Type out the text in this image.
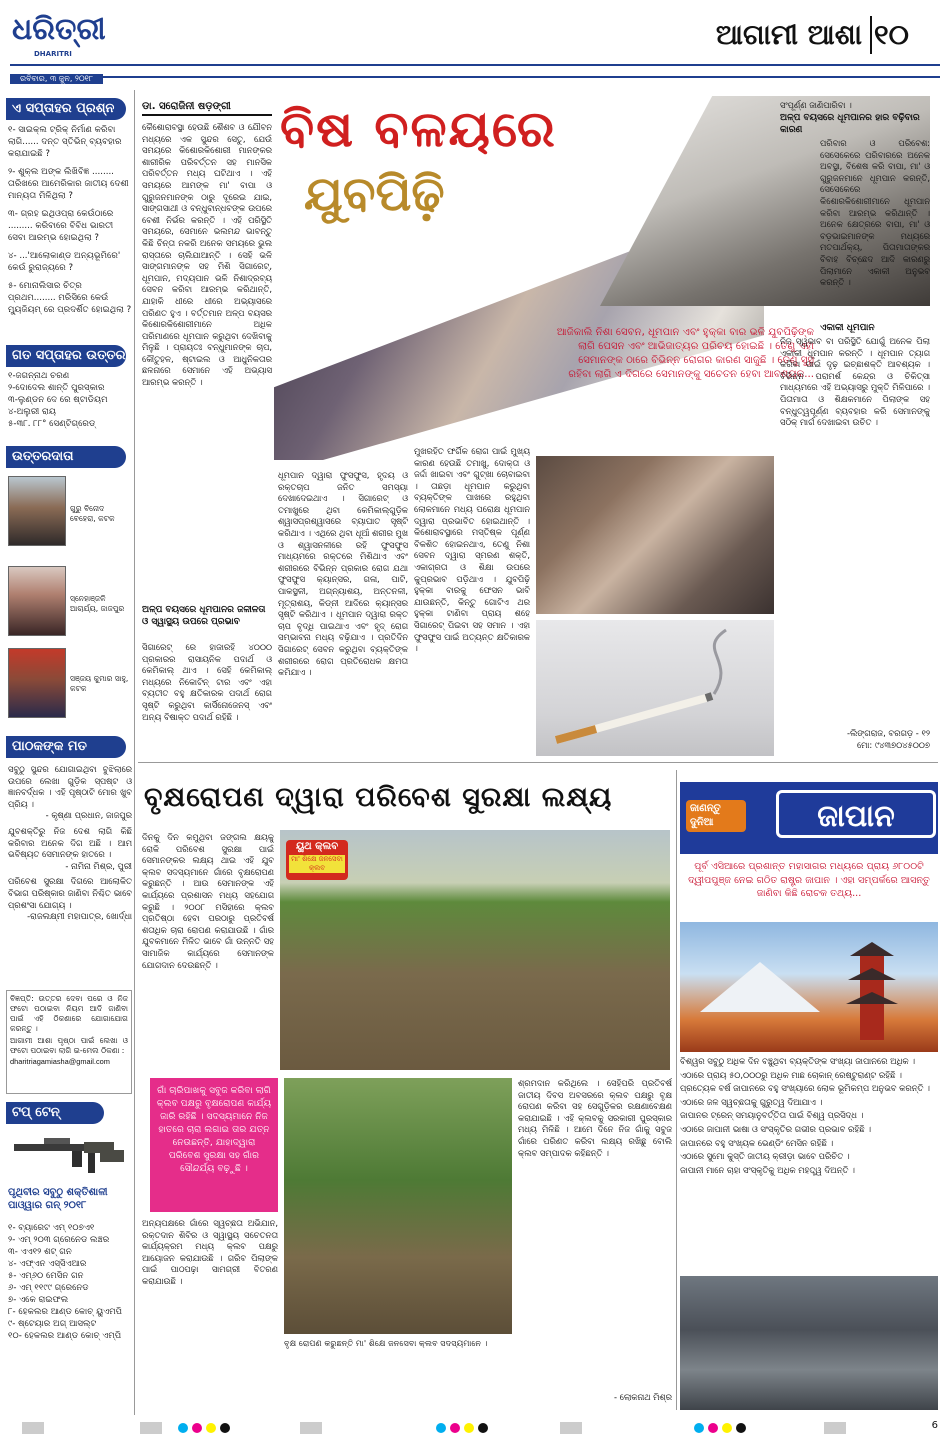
ଧରିତ୍ରୀ
DHARITRI
ରବିବାର, ୩ ଜୁନ, ୨୦୧୮
ଆଗାମୀ ଆଶା ୧୦
ଏ ସପ୍ତାହର ପ୍ରଶ୍ନ
୧- ସାଇକ୍ଲ ଟ୍ରିକ୍ ନିର୍ମାଣ କରିବା ଲାଗି...... ଦନ୍ତ ସ୍ତିଭିନ୍ ବ୍ୟବହାର କରାଯାଇଛି ?
୨- ଶୁକ୍ଲ ଅଙ୍କ ଲିଖିବିଜ୍ଞ ........ ତାରିଖରେ ଆମେରିକାର ଜାତୀୟ ଦେଶୀ ମାନ୍ୟତା ମିଳିଥିଲା ?
୩- ଗ୍ରହ ଇଥିଓପ୍ରା କେଉଁଠାରେ ......... କରିବାରେ ବିବିଧ ଭାରତୀ ସେବା ଆରମ୍ଭ ହୋଇଥିଲା ?
୪- ...'ଆଲୋକାଣ୍ଡ ଅନ୍ୟଭୂମିରେ' କେଉଁ ରୁରାଜ୍ୟରେ ?
୫- ମୋନାଲିସାର ଚିତ୍ର ପ୍ରଥମ........ ମରିସିରେ କେଉଁ ମ୍ୟୁଜିୟମ୍ ରେ ପ୍ରଦର୍ଶିତ ହୋଇଥିଲା ?
ଗତ ସପ୍ତାହର ଉତ୍ତର
୧-ଜଗନ୍ନାଥ ଚରଣ
୨-ଦୋଦେଲ ଶାନ୍ତି ପୁରସ୍କାର
୩-ଲୁଣ୍ଡନ ଦେ ରେ ଷ୍ଟାଡିୟମ
୪-ଅଲୁରୀ ରାୟ
୫-୩୮. ୮୮° ସେଣ୍ଟିଗ୍ରେଡ୍
ଉତ୍ତରଦାତା
ଗୁରୁ ବିନୋଦ ବେହେରା, କଟକ
ସ୍ନେହାଞ୍ଜଳି ଆଚାର୍ଯ୍ୟ, ଜାଜପୁର
ସଞ୍ଜୟ କୁମାର ସାହୁ, କଟକ
ପାଠକଙ୍କ ମତ
ସବୁଠୁ ସୁନ୍ଦର ଯୋଗାଇଥିବା ବୁଝିଲାରେ ଉପରେ ଲେଖା ଗୁଡ଼ିକ ସ୍ପଷ୍ଟ ଓ ଜ୍ଞାନବର୍ଦ୍ଧକ । ଏହି ପୃଷ୍ଠାଟି ମୋର ଖୁବ ପ୍ରିୟ ।
- କୃଷ୍ଣା ପ୍ରଧାନ, ଜାଜପୁର
ଯୁବଶକ୍ତିରୁ ନିଜ ଦେଶ ଲାଗି କିଛି କରିବାର ଅନେକ ଦିଗ ଅଛି । ଆମ ଭବିଷ୍ୟତ ସେମାନଙ୍କ ହାତରେ ।
- ନାମିନା ମିଶ୍ର, ପୁରୀ
ପରିବେଶ ସୁରକ୍ଷା ଦିଗରେ ଆଲୋକିତ ବିଭାଗ ପରିଷ୍କାର ଜାଣିବା ନିଶ୍ଚିତ ଭାବେ ପ୍ରଶଂସା ଯୋଗ୍ୟ ।
-ରାଜଲକ୍ଷ୍ମୀ ମହାପାତ୍ର, ଖୋର୍ଦ୍ଧା
ବିଜ୍ଞପ୍ତି: ଉତ୍ତର ଦେବା ପରେ ଓ ନିଜ ଫଟୋ ପଠାଇବା ନିୟମ ଆଦି ଜାଣିବା ପାଇଁ ଏହି ଠିକଣାରେ ଯୋଗାଯୋଗ କରନ୍ତୁ ।
ଆଗାମୀ ଆଶା ପୃଷ୍ଠା ପାଇଁ ଲେଖା ଓ ଫଟୋ ପଠାଇବା ଲାଗି ଇ-ମେଲ ଠିକଣା :
dharitriagamiasha@gmail.com
ଟପ୍ ଟେନ୍
ପୃଥିବୀର ସବୁଠୁ ଶକ୍ତିଶାଳୀ ପାଓ୍ୱାର ଗନ୍ ୨୦୧୮
୧- ବ୍ୟାରେଟ ଏମ୍ ୧୦୭ଏ୧
୨- ଏମ୍ ୨୦୩ ଗ୍ରେନେଡ ଲଞ୍ଚର
୩- ଏଏ୧୨ ଶଟ୍ ଗନ
୪- ଏଫ୍ଏନ ଏସ୍ସିଏଆର
୫- ଏମ୍୬୦ ମେସିନ ଗନ
୬- ଏମ୍ ୧୧୯୯ ଗ୍ରେନେଡ
୭- ଏକେ ରାଇଫଲ
୮- ହେକଲର ଆଣ୍ଡ କୋଚ୍ ୟୁଏମପି
୯- ଷ୍ଟେୟାର ଅଗ୍ ଆସଲ୍ଟ
୧୦- ହେକଲର ଆଣ୍ଡ କୋଚ୍ ଏମ୍ପି
ଡା. ସରୋଜିନୀ ଷଡ଼ଙ୍ଗୀ ବିଷ ବଳୟରେ
ଯୁବପିଢ଼ି
ଆଜିକାଲି ନିଶା ସେବନ, ଧୂମପାନ ଏବଂ ହୁକ୍କା ବାର ଭଳି ଯୁବପିଢ଼ିଙ୍କ ଲାଗି ପେସନ ଏବଂ ଆଭିଜାତ୍ୟର ପରିଚୟ ହୋଇଛି । ତେଣୁ ଏହା ସେମାନଙ୍କ ଠାରେ ବିଭିନ୍ନ ରୋଗର କାରଣ ସାଜୁଛି । ତେଣୁ ସୁସ୍ଥ ରହିବା ଲାଗି ଏ ଦିଗରେ ସେମାନଙ୍କୁ ସଚେତନ ହେବା ଆବଶ୍ୟକ...
କୈଶୋରାବସ୍ଥା ହେଉଛି ଶୈଶବ ଓ ଯୌବନ ମଧ୍ୟରେ ଏକ ସୁନ୍ଦର ସେତୁ, ଯେଉଁ ସମୟରେ କିଶୋରକିଶୋରୀ ମାନଙ୍କର ଶାରୀରିକ ପରିବର୍ତ୍ତନ ସହ ମାନସିକ ପରିବର୍ତ୍ତନ ମଧ୍ୟ ଘଟିଥାଏ । ଏହି ସମୟରେ ଆମଙ୍କ ମା' ବାପା ଓ ଗୁରୁଜନମାନଙ୍କ ଠାରୁ ଦୂରେଇ ଯାଇ, ସାଙ୍ଗସାଥୀ ଓ ବନ୍ଧୁବାନ୍ଧବଙ୍କ ଉପରେ ବେଶୀ ନିର୍ଭର କରନ୍ତି । ଏହି ପରିସ୍ଥିତି ସମୟରେ, ସେମାନେ ଭଲମନ୍ଦ ଭାବନ୍ତୁ କିଛି ଚିନ୍ତା ନକରି ଅନେକ ସମୟରେ ଭୁଲ ରାସ୍ତାରେ ଚାଲିଯାଆନ୍ତି । ସେହି ଭଳି ସାଙ୍ଗମାନଙ୍କ ସହ ମିଶି ସିଗାରେଟ୍, ଧୂମପାନ, ମଦ୍ୟପାନ ଭଳି ନିଶାଦ୍ରବ୍ୟ ସେବନ କରିବା ଆରମ୍ଭ କରିଥାନ୍ତି, ଯାହାକି ଧୀରେ ଧୀରେ ଅଭ୍ୟାସରେ ପରିଣତ ହୁଏ । ବର୍ତ୍ତମାନ ଅଳ୍ପ ବୟସର କିଶୋରକିଶୋରୀମାନେ ଅଧିକ ପରିମାଣରେ ଧୂମପାନ କରୁଥିବା ଦେଖିବାକୁ ମିଳୁଛି । ପ୍ରାୟତଃ ବନ୍ଧୁମାନଙ୍କ ଚାପ, କୌତୁହଳ, ଷ୍ଟାଇଲ ଓ ଆଧୁନିକତାର ଛଳନାରେ ସେମାନେ ଏହି ଅଭ୍ୟାସ ଆରମ୍ଭ କରନ୍ତି ।
ଅଳ୍ପ ବୟସରେ ଧୂମପାନର ଜଳୀଳତା ଓ ସ୍ୱାସ୍ଥ୍ୟ ଉପରେ ପ୍ରଭାବ
ସିଗାରେଟ୍ ରେ ହାଜାରହି ୪୦୦୦ ପ୍ରକାରର ରାସାୟନିକ ପଦାର୍ଥ ଓ କେମିକାଲ୍ ଥାଏ । ସେହି କେମିକାଲ୍ ମଧ୍ୟରେ ନିକୋଟିନ୍ ଟାର ଏବଂ ଏହା ବ୍ୟତୀତ ବହୁ କ୍ଷତିକାରକ ପଦାର୍ଥ ରୋଗ ସୃଷ୍ଟି କରୁଥିବା କାର୍ସିନୋଜେନସ୍ ଏବଂ ଅନ୍ୟ ବିଷାକ୍ତ ପଦାର୍ଥ ରହିଛି ।
ଧୂମପାନ ଦ୍ୱାରା ଫୁସଫୁସ, ହୃଦୟ ଓ ରକ୍ତଚାପ ଜନିତ ସମସ୍ୟା ଦେଖାଦେଇଥାଏ । ସିଗାରେଟ୍ ଓ ତମାଖୁରେ ଥିବା କେମିକାଲ୍ଗୁଡ଼ିକ ଶ୍ୱାସପ୍ରଶ୍ୱାସରେ ବ୍ୟାଘାତ ସୃଷ୍ଟି କରିଥାଏ । ଏଥିରେ ଥିବା ଧୂଆଁ ଶରୀର ମୁଖ ଓ ଶ୍ୱାସନଳୀରେ ରହି ଫୁସଫୁସ ମାଧ୍ୟମରେ ରକ୍ତରେ ମିଶିଥାଏ ଏବଂ ଶରୀରରେ ବିଭିନ୍ନ ପ୍ରକାର ରୋଗ ଯଥା ଫୁସଫୁସ କ୍ୟାନ୍ସର, ଗଳା, ପାଟି, ପାକସ୍ଥଳୀ, ଅଗ୍ନ୍ୟାଶୟ, ଅନ୍ତନଳୀ, ମୂତ୍ରାଶୟ, କିଡ୍ନୀ ଆଦିରେ କ୍ୟାନ୍ସର ସୃଷ୍ଟି କରିଥାଏ । ଧୂମପାନ ଦ୍ୱାରା ରକ୍ତ ଚାପ ବୃଦ୍ଧି ପାଇଥାଏ ଏବଂ ହୃଦ୍ ରୋଗ ସମ୍ଭାବନା ମଧ୍ୟ ବଢ଼ିଯାଏ । ପ୍ରତିଦିନ ସିଗାରେଟ୍ ସେବନ କରୁଥିବା ବ୍ୟକ୍ତିଙ୍କ ଶରୀରରେ ରୋଗ ପ୍ରତିରୋଧକ କ୍ଷମତା କମିଯାଏ ।
ମୁଖରହିତ ଫର୍ଗିକ ରୋଗ ପାଇଁ ମୁଖ୍ୟ କାରଣ ହେଉଛି ତମାଖୁ, ଦୋକ୍ତା ଓ ଜର୍ଦ୍ଦା ଖାଇବା ଏବଂ ଗୁଟ୍ଖା ଚୋବାଇବା । ତାଛଡ଼ା ଧୂମପାନ କରୁଥିବା ବ୍ୟକ୍ତିଙ୍କ ପାଖରେ ରହୁଥିବା ଲୋକମାନେ ମଧ୍ୟ ପରୋକ୍ଷ ଧୂମପାନ ଦ୍ୱାରା ପ୍ରଭାବିତ ହୋଇଥାନ୍ତି । କିଶୋରାବସ୍ଥାରେ ମସ୍ତିଷ୍କ ପୂର୍ଣ୍ଣ ବିକଶିତ ହୋଇନଥାଏ, ତେଣୁ ନିଶା ସେବନ ଦ୍ୱାରା ସ୍ମରଣ ଶକ୍ତି, ଏକାଗ୍ରତା ଓ ଶିକ୍ଷା ଉପରେ କୁପ୍ରଭାବ ପଡ଼ିଥାଏ । ଯୁବପିଢ଼ି ହୁକ୍କା ବାରକୁ ଫେସନ ଭାବି ଯାଉଛନ୍ତି, କିନ୍ତୁ ଗୋଟିଏ ଥର ହୁକ୍କା ଟାଣିବା ପ୍ରାୟ ଶହେ ସିଗାରେଟ୍ ପିଇବା ସହ ସମାନ । ଏହା ଫୁସଫୁସ ପାଇଁ ଅତ୍ୟନ୍ତ କ୍ଷତିକାରକ ।
ସଂପୂର୍ଣ୍ଣ ଜାଣିପାରିବା ।
ଅଳ୍ପ ବୟସରେ ଧୂମପାନର ହାର ବଢ଼ିବାର କାରଣ
ପରିବାର ଓ ପରିବେଶ: ସେସେକେରେ ପରିବାରରେ ଅନେକ ଅବସ୍ଥା, ବିଶେଷ କରି ବାପା, ମା' ଓ ଗୁରୁଜନମାନେ ଧୂମପାନ କରନ୍ତି, ସେସେକେରେ କିଶୋରକିଶୋରୀମାନେ ଧୂମପାନ କରିବା ଆରମ୍ଭ କରିଥାନ୍ତି । ଅନେକ କ୍ଷେତ୍ରରେ ବାପା, ମା' ଓ ବଡ଼ଭାଇମାନଙ୍କ ମଧ୍ୟରେ ମତପାର୍ଥକ୍ୟ, ପିତାମାତାଙ୍କର ବିବାହ ବିଚ୍ଛେଦ ଆଦି କାରଣରୁ ପିଲାମାନେ ଏକାକୀ ଅନୁଭବ କରନ୍ତି ।
ଏକାକୀ ଧୂମପାନ
ନିଜ ସ୍ୱଭାବ ବା ପରିସ୍ଥିତି ଯୋଗୁଁ ଅନେକ ପିଲା ଏକାକୀ ଧୂମପାନ କରନ୍ତି । ଧୂମପାନ ତ୍ୟାଗ କରିବା ପାଇଁ ଦୃଢ଼ ଇଚ୍ଛାଶକ୍ତି ଆବଶ୍ୟକ । ବିଭିନ୍ନ ପରାମର୍ଶ କେନ୍ଦ୍ର ଓ ଚିକିତ୍ସା ମାଧ୍ୟମରେ ଏହି ଅଭ୍ୟାସରୁ ମୁକ୍ତି ମିଳିପାରେ । ପିତାମାତା ଓ ଶିକ୍ଷକମାନେ ପିଲାଙ୍କ ସହ ବନ୍ଧୁତ୍ୱପୂର୍ଣ୍ଣ ବ୍ୟବହାର କରି ସେମାନଙ୍କୁ ସଠିକ୍ ମାର୍ଗ ଦେଖାଇବା ଉଚିତ ।
-ଲିଙ୍ଗରାଜ, ବରଗଡ଼ - ୧୨
ମୋ: ୯୪୩୭୦୪୫୦୦୭
ବୃକ୍ଷରୋପଣ ଦ୍ୱାରା ପରିବେଶ ସୁରକ୍ଷା ଲକ୍ଷ୍ୟ
ଦିନକୁ ଦିନ କମୁଥିବା ଜଙ୍ଗଲ କ୍ଷୟକୁ ରୋକି ପରିବେଶ ସୁରକ୍ଷା ପାଇଁ ସେମାନଙ୍କର ଲକ୍ଷ୍ୟ ଥାଇ ଏହି ଯୁବ କ୍ଲବ ସଦସ୍ୟମାନେ ଗାଁରେ ବୃକ୍ଷରୋପଣ କରୁଛନ୍ତି । ଆଉ ସେମାନଙ୍କ ଏହି କାର୍ଯ୍ୟରେ ପ୍ରଶାସନ ମଧ୍ୟ ସହଯୋଗ କରୁଛି । ୨୦୦୮ ମସିହାରେ କ୍ଲବ ପ୍ରତିଷ୍ଠା ହେବା ପରଠାରୁ ପ୍ରତିବର୍ଷ ଶତାଧିକ ଚାରା ରୋପଣ କରାଯାଉଛି । ଗାଁର ଯୁବକମାନେ ମିଳିତ ଭାବେ ଗାଁ ଉନ୍ନତି ସହ ସାମାଜିକ କାର୍ଯ୍ୟରେ ସେମାନଙ୍କ ଯୋଗଦାନ ଦେଉଛନ୍ତି ।
ୟୁଥ କ୍ଲବ
ମା' ଶିକ୍ଷେ ଜନସେବା କ୍ଲବ
ଗାଁ ଚାରିପାଖକୁ ସବୁଜ କରିବା ଲାଗି କ୍ଲବ ପକ୍ଷରୁ ବୃକ୍ଷରୋପଣ କାର୍ଯ୍ୟ ଜାରି ରହିଛି । ସଦସ୍ୟମାନେ ନିଜ ହାତରେ ଚାରା ଲଗାଇ ତାର ଯତ୍ନ ନେଉଛନ୍ତି, ଯାହାଦ୍ୱାରା ପରିବେଶ ସୁରକ୍ଷା ସହ ଗାଁର ସୌନ୍ଦର୍ଯ୍ୟ ବଢ଼ୁଛି ।
ବୃକ୍ଷ ରୋପଣ କରୁଛନ୍ତି ମା' ଶିକ୍ଷେ ଜନସେବା କ୍ଲବ ସଦସ୍ୟମାନେ ।
ଅନ୍ୟପକ୍ଷରେ ଗାଁରେ ସ୍ୱଚ୍ଛତା ଅଭିଯାନ, ରକ୍ତଦାନ ଶିବିର ଓ ସ୍ୱାସ୍ଥ୍ୟ ସଚେତନତା କାର୍ଯ୍ୟକ୍ରମ ମଧ୍ୟ କ୍ଲବ ପକ୍ଷରୁ ଆୟୋଜନ କରାଯାଉଛି । ଗରିବ ପିଲାଙ୍କ ପାଇଁ ପାଠପଢ଼ା ସାମଗ୍ରୀ ବିତରଣ କରାଯାଉଛି ।
ଶ୍ରମଦାନ କରିଥିଲେ । ସେହିପରି ପ୍ରତିବର୍ଷ ଜାତୀୟ ଦିବସ ଅବସରରେ କ୍ଲବ ପକ୍ଷରୁ ବୃକ୍ଷ ରୋପଣ କରିବା ସହ ସେଗୁଡ଼ିକର ରକ୍ଷଣାବେକ୍ଷଣ କରାଯାଇଛି । ଏହି କ୍ଲବକୁ ସରକାରୀ ପୁରସ୍କାର ମଧ୍ୟ ମିଳିଛି । ଆମେ ଦିନେ ନିଜ ଗାଁକୁ ସବୁଜ ଗାଁରେ ପରିଣତ କରିବା ଲକ୍ଷ୍ୟ ରଖିଛୁ ବୋଲି କ୍ଲବ ସମ୍ପାଦକ କହିଛନ୍ତି ।
- ଲୋକନାଥ ମିଶ୍ର
ଜାଣନ୍ତୁ ଦୁନିଆ	ଜାପାନ
ପୂର୍ବ ଏସିଆରେ ପ୍ରଶାନ୍ତ ମହାସାଗର ମଧ୍ୟରେ ପ୍ରାୟ ୬୮୦୦ଟି ଦ୍ୱୀପପୁଞ୍ଜ ନେଇ ଗଠିତ ରାଷ୍ଟ୍ର ଜାପାନ । ଏହା ସମ୍ପର୍କରେ ଆସନ୍ତୁ ଜାଣିବା କିଛି ରୋଚକ ତଥ୍ୟ...
ବିଶ୍ୱର ସବୁଠୁ ଅଧିକ ଦିନ ବଞ୍ଚୁଥିବା ବ୍ୟକ୍ତିଙ୍କ ସଂଖ୍ୟା ଜାପାନରେ ଅଧିକ ।
ଏଠାରେ ପ୍ରାୟ ୫୦,୦୦୦ରୁ ଅଧିକ ମାଛ ଚୋକାନ୍ ରେଷ୍ଟୁରାଣ୍ଟ ରହିଛି ।
ପ୍ରତ୍ୟେକ ବର୍ଷ ଜାପାନରେ ବହୁ ସଂଖ୍ୟାରେ ଲୋକ ଭୂମିକମ୍ପ ଅନୁଭବ କରନ୍ତି ।
ଏଠାରେ ଜଳ ସ୍ୱଚ୍ଛତାକୁ ଗୁରୁତ୍ୱ ଦିଆଯାଏ ।
ଜାପାନର ଟ୍ରେନ୍ ସମୟାନୁବର୍ତ୍ତିତା ପାଇଁ ବିଶ୍ୱ ପ୍ରସିଦ୍ଧ ।
ଏଠାରେ ଜାପାନୀ ଭାଷା ଓ ସଂସ୍କୃତିର ଗଭୀର ପ୍ରଭାବ ରହିଛି ।
ଜାପାନରେ ବହୁ ସଂଖ୍ୟକ ଭେଣ୍ଡିଂ ମେସିନ ରହିଛି ।
ଏଠାରେ ସୁମୋ କୁସ୍ତି ଜାତୀୟ କ୍ରୀଡ଼ା ଭାବେ ପରିଚିତ ।
ଜାପାନୀ ମାନେ ଚାହା ସଂସ୍କୃତିକୁ ଅଧିକ ମହତ୍ତ୍ୱ ଦିଅନ୍ତି ।
6
